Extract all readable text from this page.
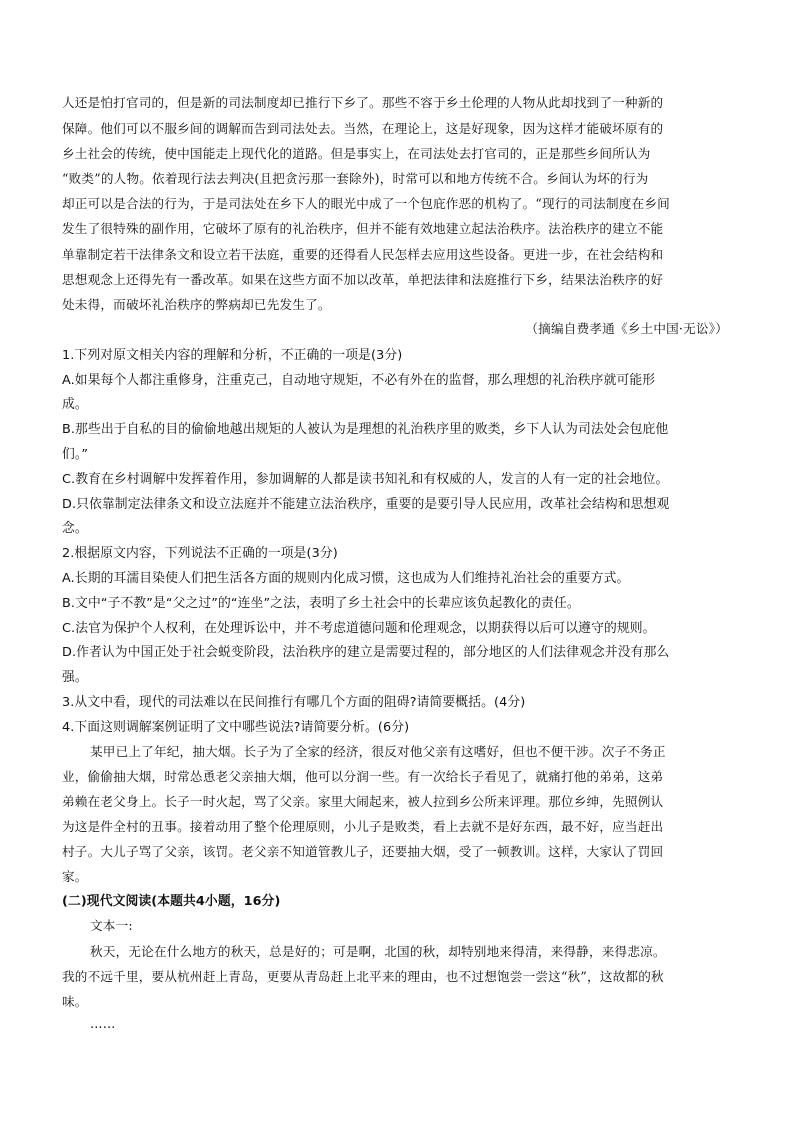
人还是怕打官司的，但是新的司法制度却已推行下乡了。那些不容于乡土伦理的人物从此却找到了一种新的
保障。他们可以不服乡间的调解而告到司法处去。当然，在理论上，这是好现象，因为这样才能破坏原有的
乡土社会的传统，使中国能走上现代化的道路。但是事实上，在司法处去打官司的，正是那些乡间所认为
“败类”的人物。依着现行法去判决(且把贪污那一套除外)，时常可以和地方传统不合。乡间认为坏的行为
却正可以是合法的行为，于是司法处在乡下人的眼光中成了一个包庇作恶的机构了。“现行的司法制度在乡间
发生了很特殊的副作用，它破坏了原有的礼治秩序，但并不能有效地建立起法治秩序。法治秩序的建立不能
单靠制定若干法律条文和设立若干法庭，重要的还得看人民怎样去应用这些设备。更进一步，在社会结构和
思想观念上还得先有一番改革。如果在这些方面不加以改革，单把法律和法庭推行下乡，结果法治秩序的好
处未得，而破坏礼治秩序的弊病却已先发生了。
（摘编自费孝通《乡土中国·无讼》）
1.下列对原文相关内容的理解和分析，不正确的一项是(3分)
A.如果每个人都注重修身，注重克己，自动地守规矩，不必有外在的监督，那么理想的礼治秩序就可能形
成。
B.那些出于自私的目的偷偷地越出规矩的人被认为是理想的礼治秩序里的败类，乡下人认为司法处会包庇他
们。”
C.教育在乡村调解中发挥着作用，参加调解的人都是读书知礼和有权威的人，发言的人有一定的社会地位。
D.只依靠制定法律条文和设立法庭并不能建立法治秩序，重要的是要引导人民应用，改革社会结构和思想观
念。
2.根据原文内容，下列说法不正确的一项是(3分)
A.长期的耳濡目染使人们把生活各方面的规则内化成习惯，这也成为人们维持礼治社会的重要方式。
B.文中“子不教”是“父之过”的“连坐”之法，表明了乡土社会中的长辈应该负起教化的责任。
C.法官为保护个人权利，在处理诉讼中，并不考虑道德问题和伦理观念，以期获得以后可以遵守的规则。
D.作者认为中国正处于社会蜕变阶段，法治秩序的建立是需要过程的，部分地区的人们法律观念并没有那么
强。
3.从文中看，现代的司法难以在民间推行有哪几个方面的阻碍?请简要概括。(4分)
4.下面这则调解案例证明了文中哪些说法?请简要分析。(6分)
某甲已上了年纪，抽大烟。长子为了全家的经济，很反对他父亲有这嗜好，但也不便干涉。次子不务正
业，偷偷抽大烟，时常怂恿老父亲抽大烟，他可以分润一些。有一次给长子看见了，就痛打他的弟弟，这弟
弟赖在老父身上。长子一时火起，骂了父亲。家里大闹起来，被人拉到乡公所来评理。那位乡绅，先照例认
为这是件全村的丑事。接着动用了整个伦理原则，小儿子是败类，看上去就不是好东西，最不好，应当赶出
村子。大儿子骂了父亲，该罚。老父亲不知道管教儿子，还要抽大烟，受了一顿教训。这样，大家认了罚回
家。
(二)现代文阅读(本题共4小题，16分)
文本一:
秋天，无论在什么地方的秋天，总是好的；可是啊，北国的秋，却特别地来得清，来得静，来得悲凉。
我的不远千里，要从杭州赶上青岛，更要从青岛赶上北平来的理由，也不过想饱尝一尝这“秋”，这故都的秋
味。
……
